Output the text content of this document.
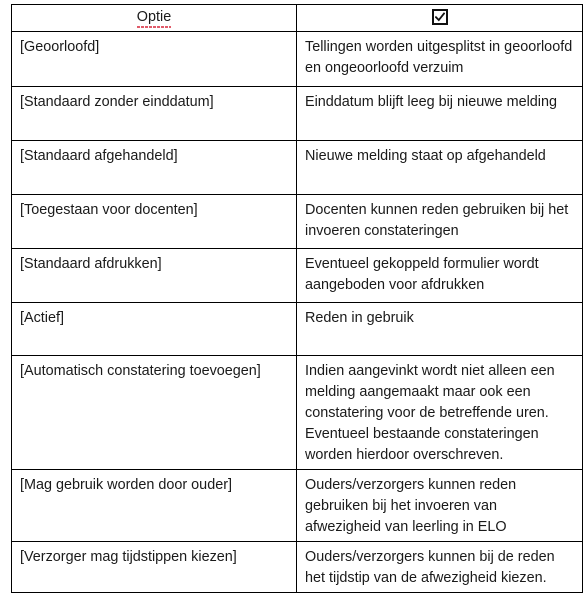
Optie	

[Geoorloofd]	Tellingen worden uitgesplitst in geoorloofd en ongeoorloofd verzuim
[Standaard zonder einddatum]	Einddatum blijft leeg bij nieuwe melding
[Standaard afgehandeld]	Nieuwe melding staat op afgehandeld
[Toegestaan voor docenten]	Docenten kunnen reden gebruiken bij het invoeren constateringen
[Standaard afdrukken]	Eventueel gekoppeld formulier wordt aangeboden voor afdrukken
[Actief]	Reden in gebruik
[Automatisch constatering toevoegen]	Indien aangevinkt wordt niet alleen een melding aangemaakt maar ook een constatering voor de betreffende uren. Eventueel bestaande constateringen worden hierdoor overschreven.
[Mag gebruik worden door ouder]	Ouders/verzorgers kunnen reden gebruiken bij het invoeren van afwezigheid van leerling in ELO
[Verzorger mag tijdstippen kiezen]	Ouders/verzorgers kunnen bij de reden het tijdstip van de afwezigheid kiezen.
